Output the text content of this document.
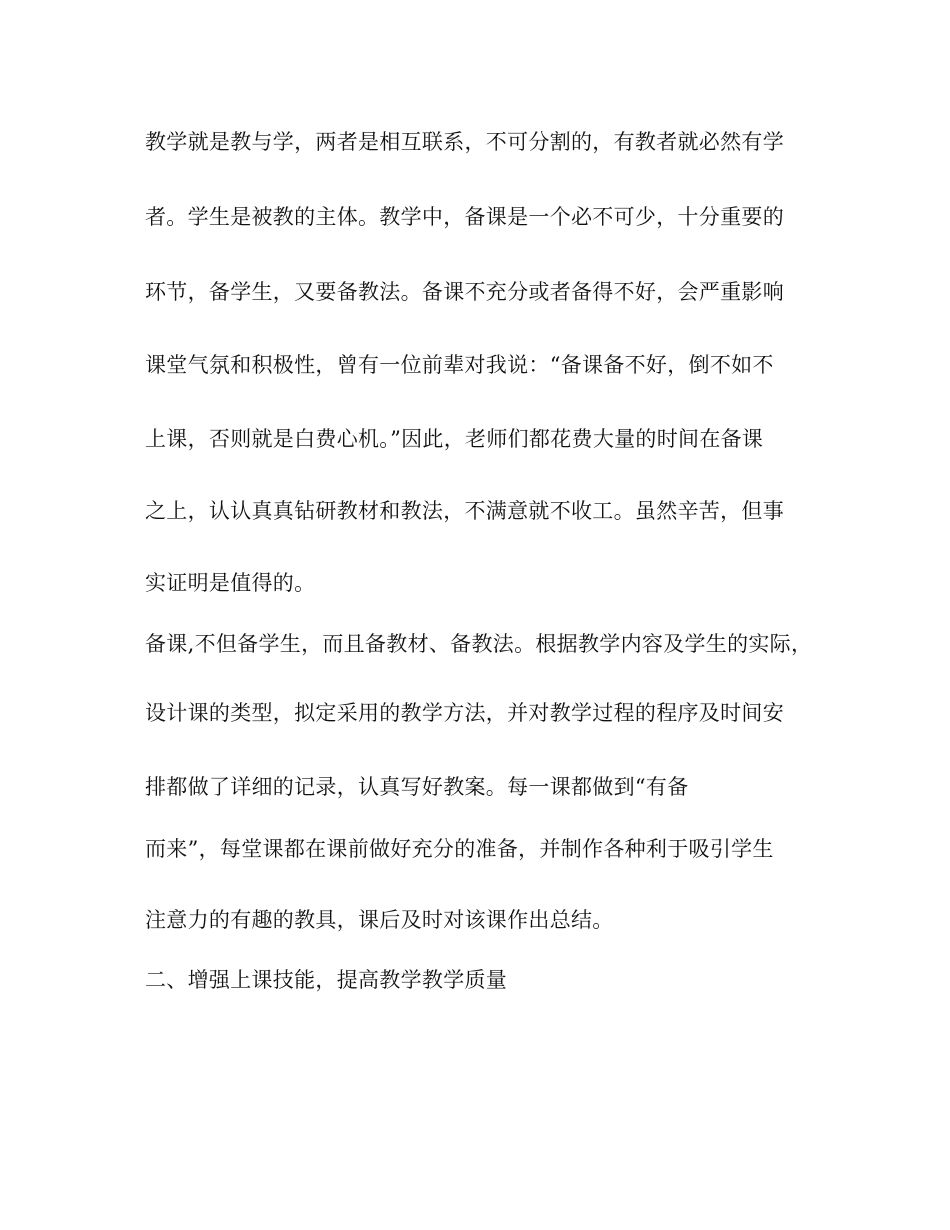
教学就是教与学，两者是相互联系，不可分割的，有教者就必然有学
者。学生是被教的主体。教学中，备课是一个必不可少，十分重要的
环节，备学生，又要备教法。备课不充分或者备得不好，会严重影响
课堂气氛和积极性，曾有一位前辈对我说：“备课备不好，倒不如不
上课，否则就是白费心机。”因此，老师们都花费大量的时间在备课
之上，认认真真钻研教材和教法，不满意就不收工。虽然辛苦，但事
实证明是值得的。
备课,不但备学生，而且备教材、备教法。根据教学内容及学生的实际，
设计课的类型，拟定采用的教学方法，并对教学过程的程序及时间安
排都做了详细的记录，认真写好教案。每一课都做到“有备
而来”，每堂课都在课前做好充分的准备，并制作各种利于吸引学生
注意力的有趣的教具，课后及时对该课作出总结。
二、增强上课技能，提高教学教学质量
